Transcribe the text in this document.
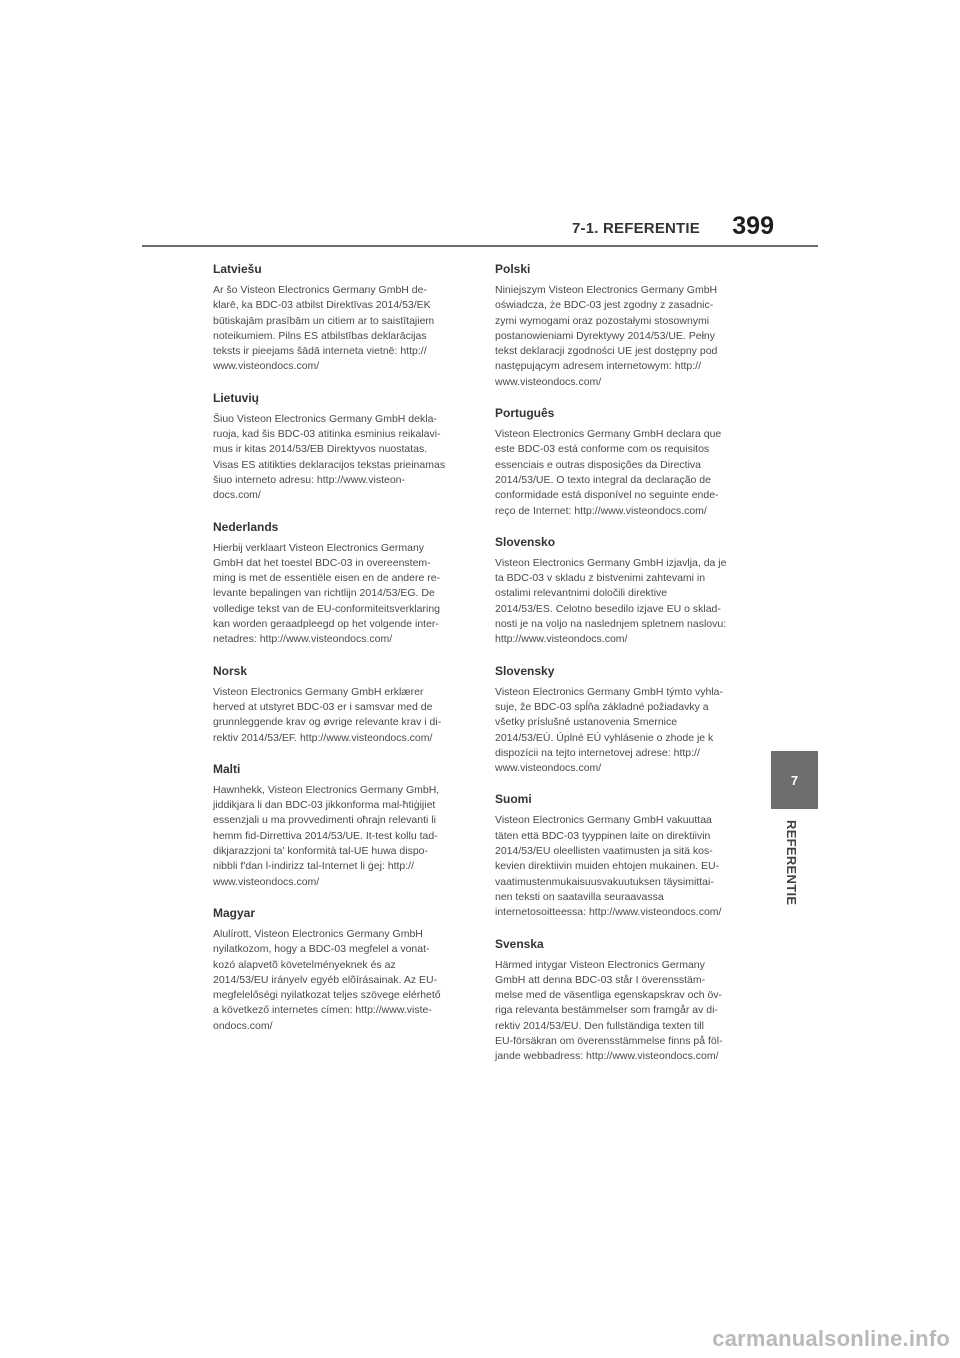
7-1. REFERENTIE 399

Latviešu

Ar šo Visteon Electronics Germany GmbH de-
klarē, ka BDC-03 atbilst Direktīvas 2014/53/EK
būtiskajām prasībām un citiem ar to saistītajiem
noteikumiem. Pilns ES atbilstības deklarācijas
teksts ir pieejams šādā interneta vietnē: http://
www.visteondocs.com/

Lietuvių

Šiuo Visteon Electronics Germany GmbH dekla-
ruoja, kad šis BDC-03 atitinka esminius reikalavi-
mus ir kitas 2014/53/EB Direktyvos nuostatas.
Visas ES atitikties deklaracijos tekstas prieinamas
šiuo interneto adresu: http://www.visteon-
docs.com/

Nederlands

Hierbij verklaart Visteon Electronics Germany
GmbH dat het toestel BDC-03 in overeenstem-
ming is met de essentiële eisen en de andere re-
levante bepalingen van richtlijn 2014/53/EG. De
volledige tekst van de EU-conformiteitsverklaring
kan worden geraadpleegd op het volgende inter-
netadres: http://www.visteondocs.com/

Norsk

Visteon Electronics Germany GmbH erklærer
herved at utstyret BDC-03 er i samsvar med de
grunnleggende krav og øvrige relevante krav i di-
rektiv 2014/53/EF. http://www.visteondocs.com/

Malti

Hawnhekk, Visteon Electronics Germany GmbH,
jiddikjara li dan BDC-03 jikkonforma mal-ħtiġijiet
essenzjali u ma provvedimenti oħrajn relevanti li
hemm fid-Dirrettiva 2014/53/UE. It-test kollu tad-
dikjarazzjoni ta' konformità tal-UE huwa dispo-
nibbli f'dan l-indirizz tal-Internet li ġej: http://
www.visteondocs.com/

Magyar

Alulírott, Visteon Electronics Germany GmbH
nyilatkozom, hogy a BDC-03 megfelel a vonat-
kozó alapvetõ követelményeknek és az
2014/53/EU irányelv egyéb elõírásainak. Az EU-
megfelelőségi nyilatkozat teljes szövege elérhető
a következő internetes címen: http://www.viste-
ondocs.com/

Polski

Niniejszym Visteon Electronics Germany GmbH
oświadcza, że BDC-03 jest zgodny z zasadnic-
zymi wymogami oraz pozostałymi stosownymi
postanowieniami Dyrektywy 2014/53/UE. Pełny
tekst deklaracji zgodności UE jest dostępny pod
następującym adresem internetowym: http://
www.visteondocs.com/

Português

Visteon Electronics Germany GmbH declara que
este BDC-03 está conforme com os requisitos
essenciais e outras disposições da Directiva
2014/53/UE. O texto integral da declaração de
conformidade está disponível no seguinte ende-
reço de Internet: http://www.visteondocs.com/

Slovensko

Visteon Electronics Germany GmbH izjavlja, da je
ta BDC-03 v skladu z bistvenimi zahtevami in
ostalimi relevantnimi določili direktive
2014/53/ES. Celotno besedilo izjave EU o sklad-
nosti je na voljo na naslednjem spletnem naslovu:
http://www.visteondocs.com/

Slovensky

Visteon Electronics Germany GmbH týmto vyhla-
suje, že BDC-03 spĺňa základné požiadavky a
všetky príslušné ustanovenia Smernice
2014/53/EÚ. Úplné EÚ vyhlásenie o zhode je k
dispozícii na tejto internetovej adrese: http://
www.visteondocs.com/

Suomi

Visteon Electronics Germany GmbH vakuuttaa
täten että BDC-03 tyyppinen laite on direktiivin
2014/53/EU oleellisten vaatimusten ja sitä kos-
kevien direktiivin muiden ehtojen mukainen. EU-
vaatimustenmukaisuusvakuutuksen täysimittai-
nen teksti on saatavilla seuraavassa
internetosoitteessa: http://www.visteondocs.com/

Svenska

Härmed intygar Visteon Electronics Germany
GmbH att denna BDC-03 står I överensstäm-
melse med de väsentliga egenskapskrav och öv-
riga relevanta bestämmelser som framgår av di-
rektiv 2014/53/EU. Den fullständiga texten till
EU-försäkran om överensstämmelse finns på föl-
jande webbadress: http://www.visteondocs.com/

7
REFERENTIE
carmanualsonline.info
